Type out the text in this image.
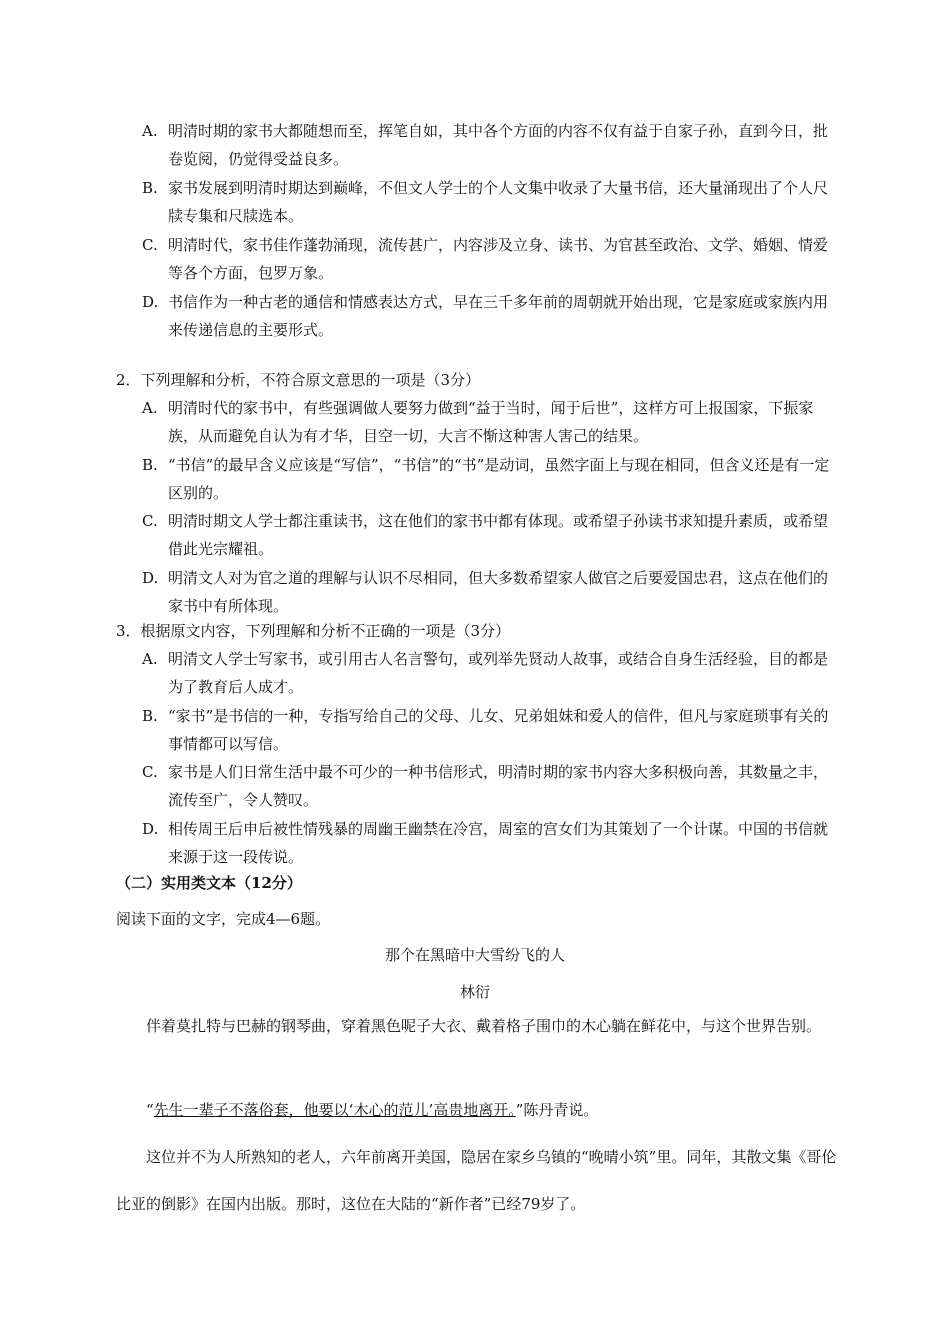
A. 明清时期的家书大都随想而至，挥笔自如，其中各个方面的内容不仅有益于自家子孙，直到今日，批卷览阅，仍觉得受益良多。
B. 家书发展到明清时期达到巅峰，不但文人学士的个人文集中收录了大量书信，还大量涌现出了个人尺牍专集和尺牍选本。
C. 明清时代，家书佳作蓬勃涌现，流传甚广，内容涉及立身、读书、为官甚至政治、文学、婚姻、情爱等各个方面，包罗万象。
D. 书信作为一种古老的通信和情感表达方式，早在三千多年前的周朝就开始出现，它是家庭或家族内用来传递信息的主要形式。
2．下列理解和分析，不符合原文意思的一项是（3分）
A. 明清时代的家书中，有些强调做人要努力做到“益于当时，闻于后世”，这样方可上报国家，下振家族，从而避免自认为有才华，目空一切，大言不惭这种害人害己的结果。
B. “书信”的最早含义应该是“写信”，“书信”的“书”是动词，虽然字面上与现在相同，但含义还是有一定区别的。
C. 明清时期文人学士都注重读书，这在他们的家书中都有体现。或希望子孙读书求知提升素质，或希望借此光宗耀祖。
D. 明清文人对为官之道的理解与认识不尽相同，但大多数希望家人做官之后要爱国忠君，这点在他们的家书中有所体现。
3．根据原文内容，下列理解和分析不正确的一项是（3分）
A. 明清文人学士写家书，或引用古人名言警句，或列举先贤动人故事，或结合自身生活经验，目的都是为了教育后人成才。
B. “家书”是书信的一种，专指写给自己的父母、儿女、兄弟姐妹和爱人的信件，但凡与家庭琐事有关的事情都可以写信。
C. 家书是人们日常生活中最不可少的一种书信形式，明清时期的家书内容大多积极向善，其数量之丰，流传至广，令人赞叹。
D. 相传周王后申后被性情残暴的周幽王幽禁在冷宫，周室的宫女们为其策划了一个计谋。中国的书信就来源于这一段传说。
（二）实用类文本（12分）
阅读下面的文字，完成4—6题。
那个在黑暗中大雪纷飞的人
林衍
伴着莫扎特与巴赫的钢琴曲，穿着黑色呢子大衣、戴着格子围巾的木心躺在鲜花中，与这个世界告别。
“先生一辈子不落俗套，他要以‘木心的范儿’高贵地离开。”陈丹青说。
这位并不为人所熟知的老人，六年前离开美国，隐居在家乡乌镇的“晚晴小筑”里。同年，其散文集《哥伦比亚的倒影》在国内出版。那时，这位在大陆的“新作者”已经79岁了。
